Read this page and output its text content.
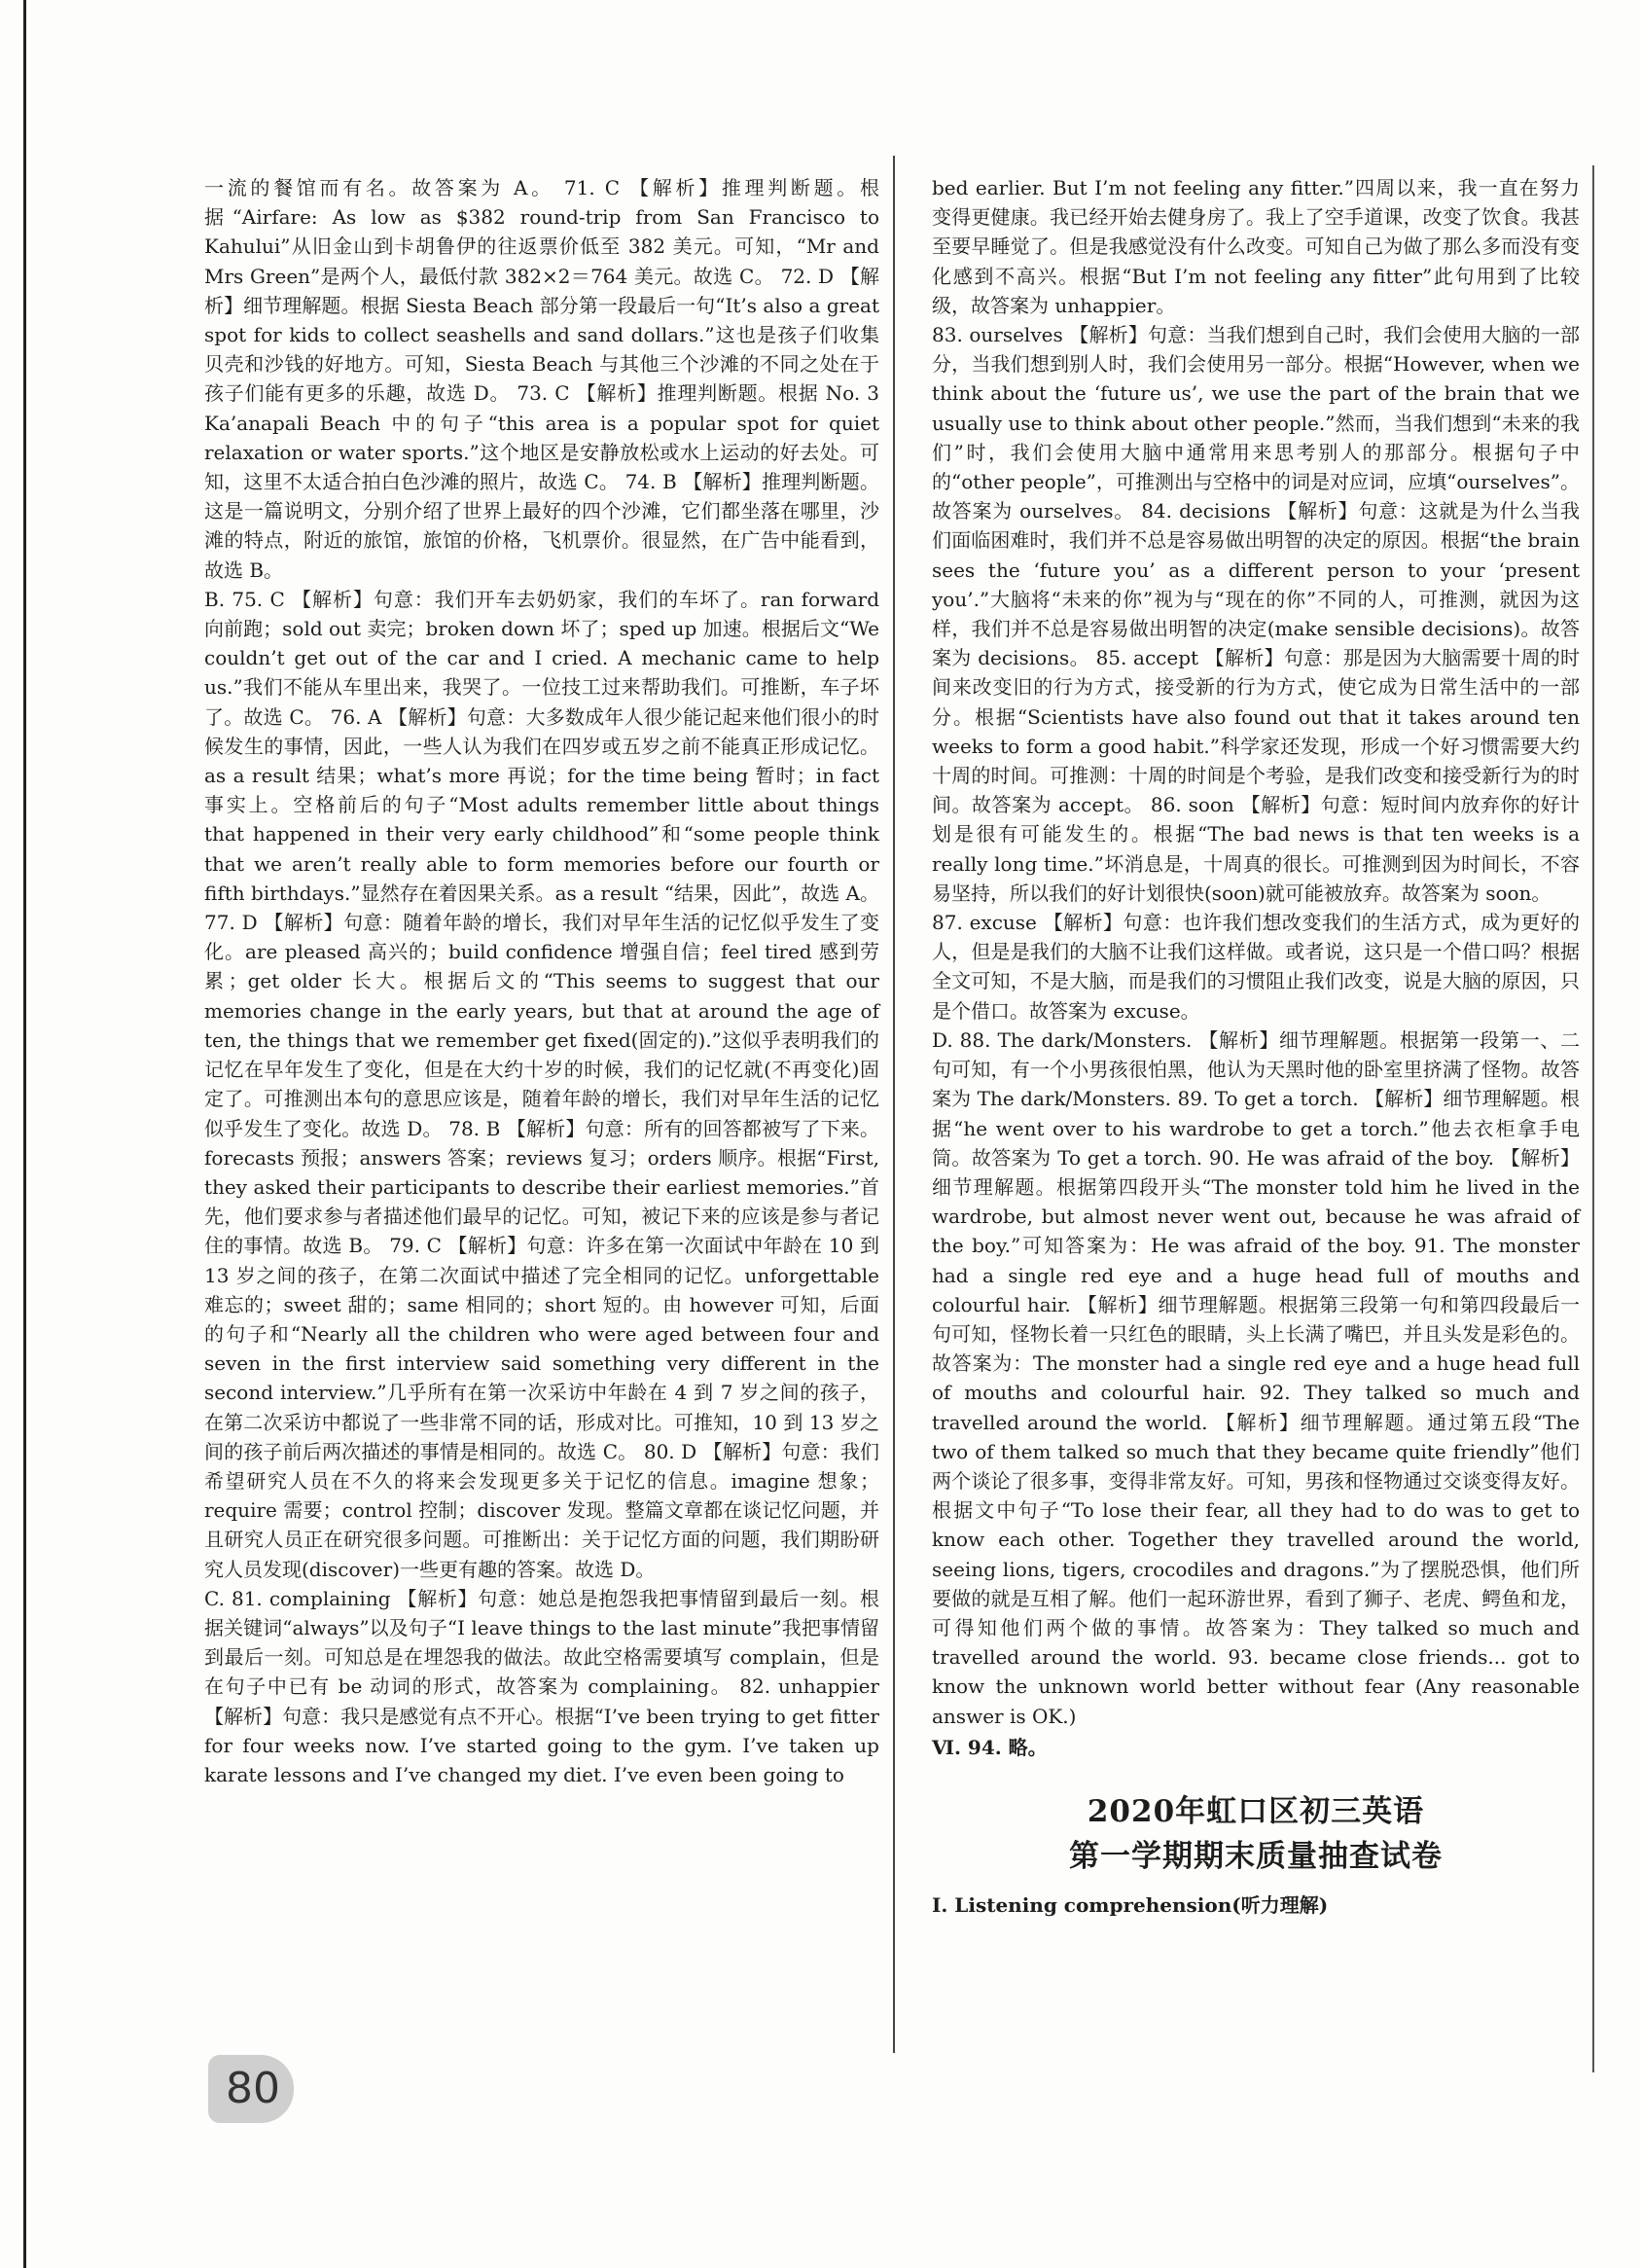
一流的餐馆而有名。故答案为 A。 71. C 【解析】推理判断题。根据“Airfare: As low as $382 round-trip from San Francisco to Kahului”从旧金山到卡胡鲁伊的往返票价低至 382 美元。可知，“Mr and Mrs Green”是两个人，最低付款 382×2＝764 美元。故选 C。 72. D 【解析】细节理解题。根据 Siesta Beach 部分第一段最后一句“It’s also a great spot for kids to collect seashells and sand dollars.”这也是孩子们收集贝壳和沙钱的好地方。可知，Siesta Beach 与其他三个沙滩的不同之处在于孩子们能有更多的乐趣，故选 D。 73. C 【解析】推理判断题。根据 No. 3 Ka’anapali Beach 中的句子“this area is a popular spot for quiet relaxation or water sports.”这个地区是安静放松或水上运动的好去处。可知，这里不太适合拍白色沙滩的照片，故选 C。 74. B 【解析】推理判断题。这是一篇说明文，分别介绍了世界上最好的四个沙滩，它们都坐落在哪里，沙滩的特点，附近的旅馆，旅馆的价格，飞机票价。很显然，在广告中能看到，故选 B。

B. 75. C 【解析】句意：我们开车去奶奶家，我们的车坏了。ran forward 向前跑；sold out 卖完；broken down 坏了；sped up 加速。根据后文“We couldn’t get out of the car and I cried. A mechanic came to help us.”我们不能从车里出来，我哭了。一位技工过来帮助我们。可推断，车子坏了。故选 C。 76. A 【解析】句意：大多数成年人很少能记起来他们很小的时候发生的事情，因此，一些人认为我们在四岁或五岁之前不能真正形成记忆。as a result 结果；what’s more 再说；for the time being 暂时；in fact 事实上。空格前后的句子“Most adults remember little about things that happened in their very early childhood”和“some people think that we aren’t really able to form memories before our fourth or fifth birthdays.”显然存在着因果关系。as a result “结果，因此”，故选 A。 77. D 【解析】句意：随着年龄的增长，我们对早年生活的记忆似乎发生了变化。are pleased 高兴的；build confidence 增强自信；feel tired 感到劳累；get older 长大。根据后文的“This seems to suggest that our memories change in the early years, but that at around the age of ten, the things that we remember get fixed(固定的).”这似乎表明我们的记忆在早年发生了变化，但是在大约十岁的时候，我们的记忆就(不再变化)固定了。可推测出本句的意思应该是，随着年龄的增长，我们对早年生活的记忆似乎发生了变化。故选 D。 78. B 【解析】句意：所有的回答都被写了下来。forecasts 预报；answers 答案；reviews 复习；orders 顺序。根据“First, they asked their participants to describe their earliest memories.”首先，他们要求参与者描述他们最早的记忆。可知，被记下来的应该是参与者记住的事情。故选 B。 79. C 【解析】句意：许多在第一次面试中年龄在 10 到 13 岁之间的孩子，在第二次面试中描述了完全相同的记忆。unforgettable 难忘的；sweet 甜的；same 相同的；short 短的。由 however 可知，后面的句子和“Nearly all the children who were aged between four and seven in the first interview said something very different in the second interview.”几乎所有在第一次采访中年龄在 4 到 7 岁之间的孩子，在第二次采访中都说了一些非常不同的话，形成对比。可推知，10 到 13 岁之间的孩子前后两次描述的事情是相同的。故选 C。 80. D 【解析】句意：我们希望研究人员在不久的将来会发现更多关于记忆的信息。imagine 想象；require 需要；control 控制；discover 发现。整篇文章都在谈记忆问题，并且研究人员正在研究很多问题。可推断出：关于记忆方面的问题，我们期盼研究人员发现(discover)一些更有趣的答案。故选 D。

C. 81. complaining 【解析】句意：她总是抱怨我把事情留到最后一刻。根据关键词“always”以及句子“I leave things to the last minute”我把事情留到最后一刻。可知总是在埋怨我的做法。故此空格需要填写 complain，但是在句子中已有 be 动词的形式，故答案为 complaining。 82. unhappier 【解析】句意：我只是感觉有点不开心。根据“I’ve been trying to get fitter for four weeks now. I’ve started going to the gym. I’ve taken up karate lessons and I’ve changed my diet. I’ve even been going to

bed earlier. But I’m not feeling any fitter.”四周以来，我一直在努力变得更健康。我已经开始去健身房了。我上了空手道课，改变了饮食。我甚至要早睡觉了。但是我感觉没有什么改变。可知自己为做了那么多而没有变化感到不高兴。根据“But I’m not feeling any fitter”此句用到了比较级，故答案为 unhappier。

83. ourselves 【解析】句意：当我们想到自己时，我们会使用大脑的一部分，当我们想到别人时，我们会使用另一部分。根据“However, when we think about the ‘future us’, we use the part of the brain that we usually use to think about other people.”然而，当我们想到“未来的我们”时，我们会使用大脑中通常用来思考别人的那部分。根据句子中的“other people”，可推测出与空格中的词是对应词，应填“ourselves”。故答案为 ourselves。 84. decisions 【解析】句意：这就是为什么当我们面临困难时，我们并不总是容易做出明智的决定的原因。根据“the brain sees the ‘future you’ as a different person to your ‘present you’.”大脑将“未来的你”视为与“现在的你”不同的人，可推测，就因为这样，我们并不总是容易做出明智的决定(make sensible decisions)。故答案为 decisions。 85. accept 【解析】句意：那是因为大脑需要十周的时间来改变旧的行为方式，接受新的行为方式，使它成为日常生活中的一部分。根据“Scientists have also found out that it takes around ten weeks to form a good habit.”科学家还发现，形成一个好习惯需要大约十周的时间。可推测：十周的时间是个考验，是我们改变和接受新行为的时间。故答案为 accept。 86. soon 【解析】句意：短时间内放弃你的好计划是很有可能发生的。根据“The bad news is that ten weeks is a really long time.”坏消息是，十周真的很长。可推测到因为时间长，不容易坚持，所以我们的好计划很快(soon)就可能被放弃。故答案为 soon。

87. excuse 【解析】句意：也许我们想改变我们的生活方式，成为更好的人，但是是我们的大脑不让我们这样做。或者说，这只是一个借口吗？根据全文可知，不是大脑，而是我们的习惯阻止我们改变，说是大脑的原因，只是个借口。故答案为 excuse。

D. 88. The dark/Monsters. 【解析】细节理解题。根据第一段第一、二句可知，有一个小男孩很怕黑，他认为天黑时他的卧室里挤满了怪物。故答案为 The dark/Monsters. 89. To get a torch. 【解析】细节理解题。根据“he went over to his wardrobe to get a torch.”他去衣柜拿手电筒。故答案为 To get a torch. 90. He was afraid of the boy. 【解析】细节理解题。根据第四段开头“The monster told him he lived in the wardrobe, but almost never went out, because he was afraid of the boy.”可知答案为：He was afraid of the boy. 91. The monster had a single red eye and a huge head full of mouths and colourful hair. 【解析】细节理解题。根据第三段第一句和第四段最后一句可知，怪物长着一只红色的眼睛，头上长满了嘴巴，并且头发是彩色的。故答案为：The monster had a single red eye and a huge head full of mouths and colourful hair. 92. They talked so much and travelled around the world. 【解析】细节理解题。通过第五段“The two of them talked so much that they became quite friendly”他们两个谈论了很多事，变得非常友好。可知，男孩和怪物通过交谈变得友好。根据文中句子“To lose their fear, all they had to do was to get to know each other. Together they travelled around the world, seeing lions, tigers, crocodiles and dragons.”为了摆脱恐惧，他们所要做的就是互相了解。他们一起环游世界，看到了狮子、老虎、鳄鱼和龙，可得知他们两个做的事情。故答案为：They talked so much and travelled around the world. 93. became close friends... got to know the unknown world better without fear (Any reasonable answer is OK.)

Ⅵ. 94. 略。

2020年虹口区初三英语
第一学期期末质量抽查试卷
Ⅰ. Listening comprehension(听力理解)
80
